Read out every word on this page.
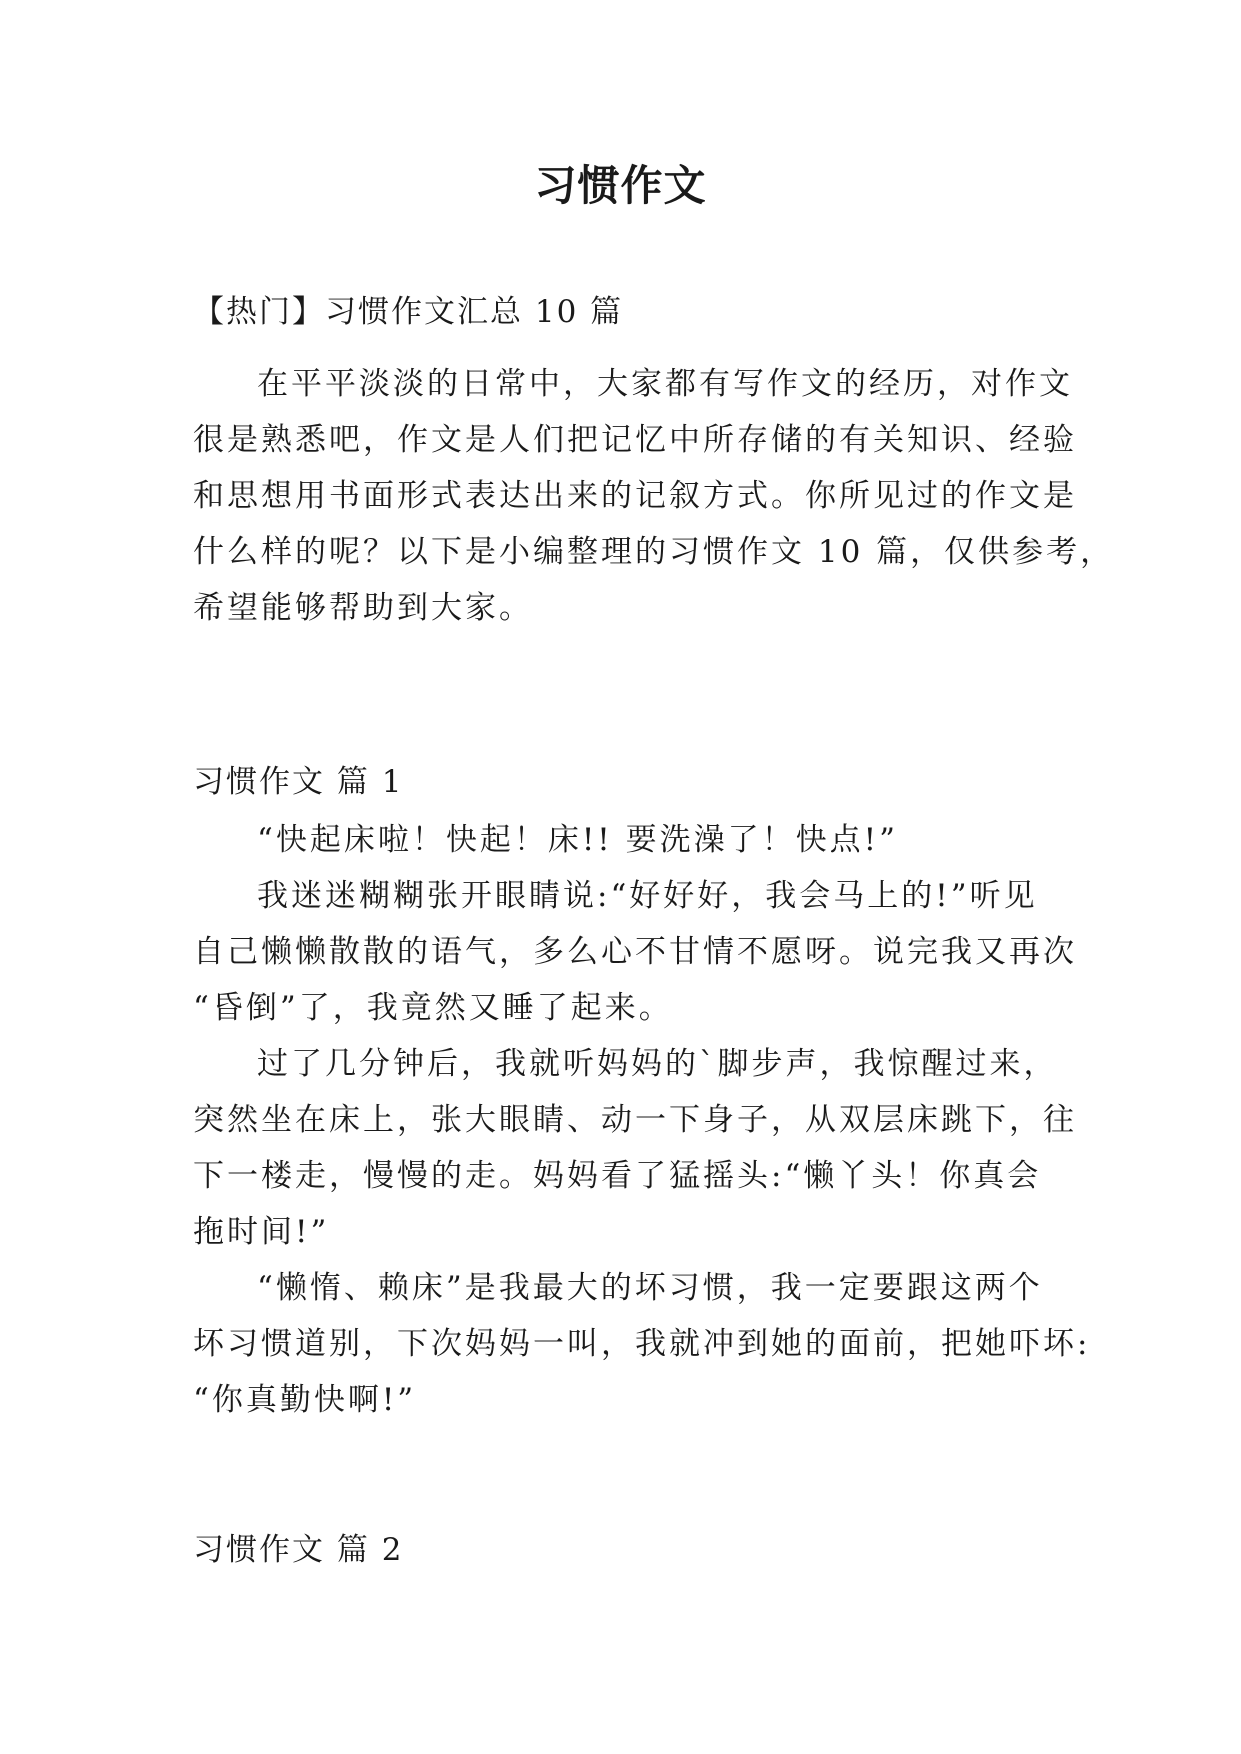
习惯作文
【热门】习惯作文汇总 10 篇
在平平淡淡的日常中，大家都有写作文的经历，对作文
很是熟悉吧，作文是人们把记忆中所存储的有关知识、经验
和思想用书面形式表达出来的记叙方式。你所见过的作文是
什么样的呢？以下是小编整理的习惯作文 10 篇，仅供参考，
希望能够帮助到大家。
习惯作文 篇 1
“快起床啦！快起！床!! 要洗澡了！快点!”
我迷迷糊糊张开眼睛说:“好好好，我会马上的!”听见
自己懒懒散散的语气，多么心不甘情不愿呀。说完我又再次
“昏倒”了，我竟然又睡了起来。
过了几分钟后，我就听妈妈的`脚步声，我惊醒过来，
突然坐在床上，张大眼睛、动一下身子，从双层床跳下，往
下一楼走，慢慢的走。妈妈看了猛摇头:“懒丫头！你真会
拖时间!”
“懒惰、赖床”是我最大的坏习惯，我一定要跟这两个
坏习惯道别，下次妈妈一叫，我就冲到她的面前，把她吓坏:
“你真勤快啊!”
习惯作文 篇 2
